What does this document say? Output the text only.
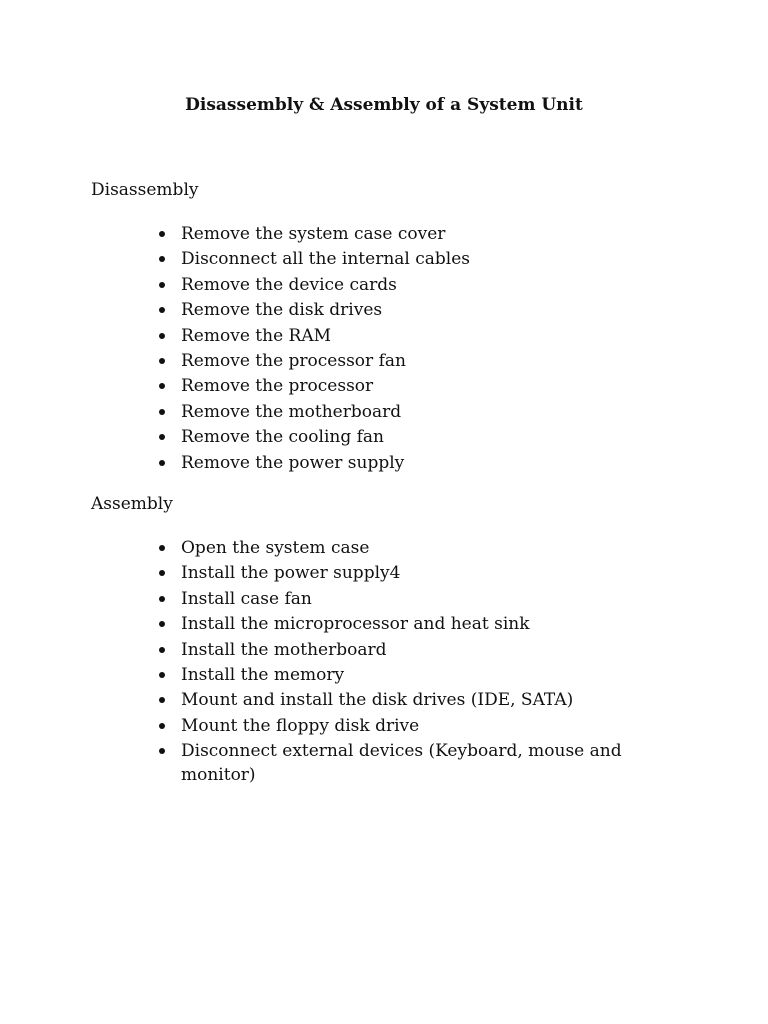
Disassembly & Assembly of a System Unit
Disassembly
Remove the system case cover
Disconnect all the internal cables
Remove the device cards
Remove the disk drives
Remove the RAM
Remove the processor fan
Remove the processor
Remove the motherboard
Remove the cooling fan
Remove the power supply
Assembly
Open the system case
Install the power supply4
Install case fan
Install the microprocessor and heat sink
Install the motherboard
Install the memory
Mount and install the disk drives (IDE, SATA)
Mount the floppy disk drive
Disconnect external devices (Keyboard, mouse and monitor)
